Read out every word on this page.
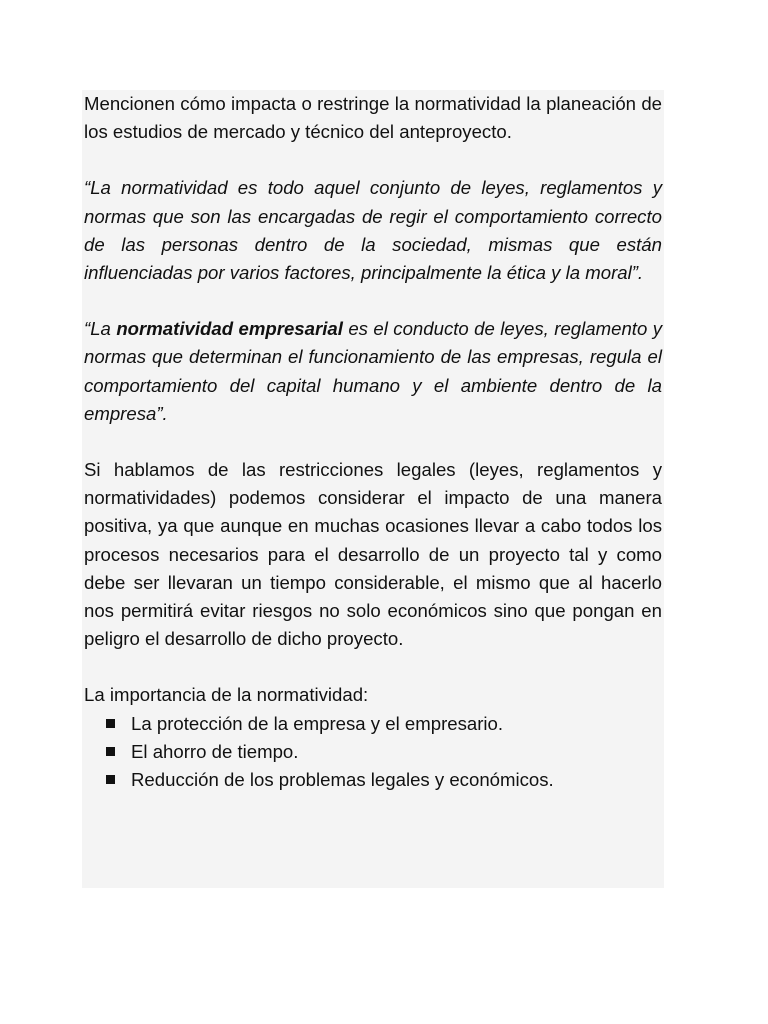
Mencionen cómo impacta o restringe la normatividad la planeación de los estudios de mercado y técnico del anteproyecto.

“La normatividad es todo aquel conjunto de leyes, reglamentos y normas que son las encargadas de regir el comportamiento correcto de las personas dentro de la sociedad, mismas que están influenciadas por varios factores, principalmente la ética y la moral”.

“La normatividad empresarial es el conducto de leyes, reglamento y normas que determinan el funcionamiento de las empresas, regula el comportamiento del capital humano y el ambiente dentro de la empresa”.

Si hablamos de las restricciones legales (leyes, reglamentos y normatividades) podemos considerar el impacto de una manera positiva, ya que aunque en muchas ocasiones llevar a cabo todos los procesos necesarios para el desarrollo de un proyecto tal y como debe ser llevaran un tiempo considerable, el mismo que al hacerlo nos permitirá evitar riesgos no solo económicos sino que pongan en peligro el desarrollo de dicho proyecto.

La importancia de la normatividad:

La protección de la empresa y el empresario.
El ahorro de tiempo.
Reducción de los problemas legales y económicos.
